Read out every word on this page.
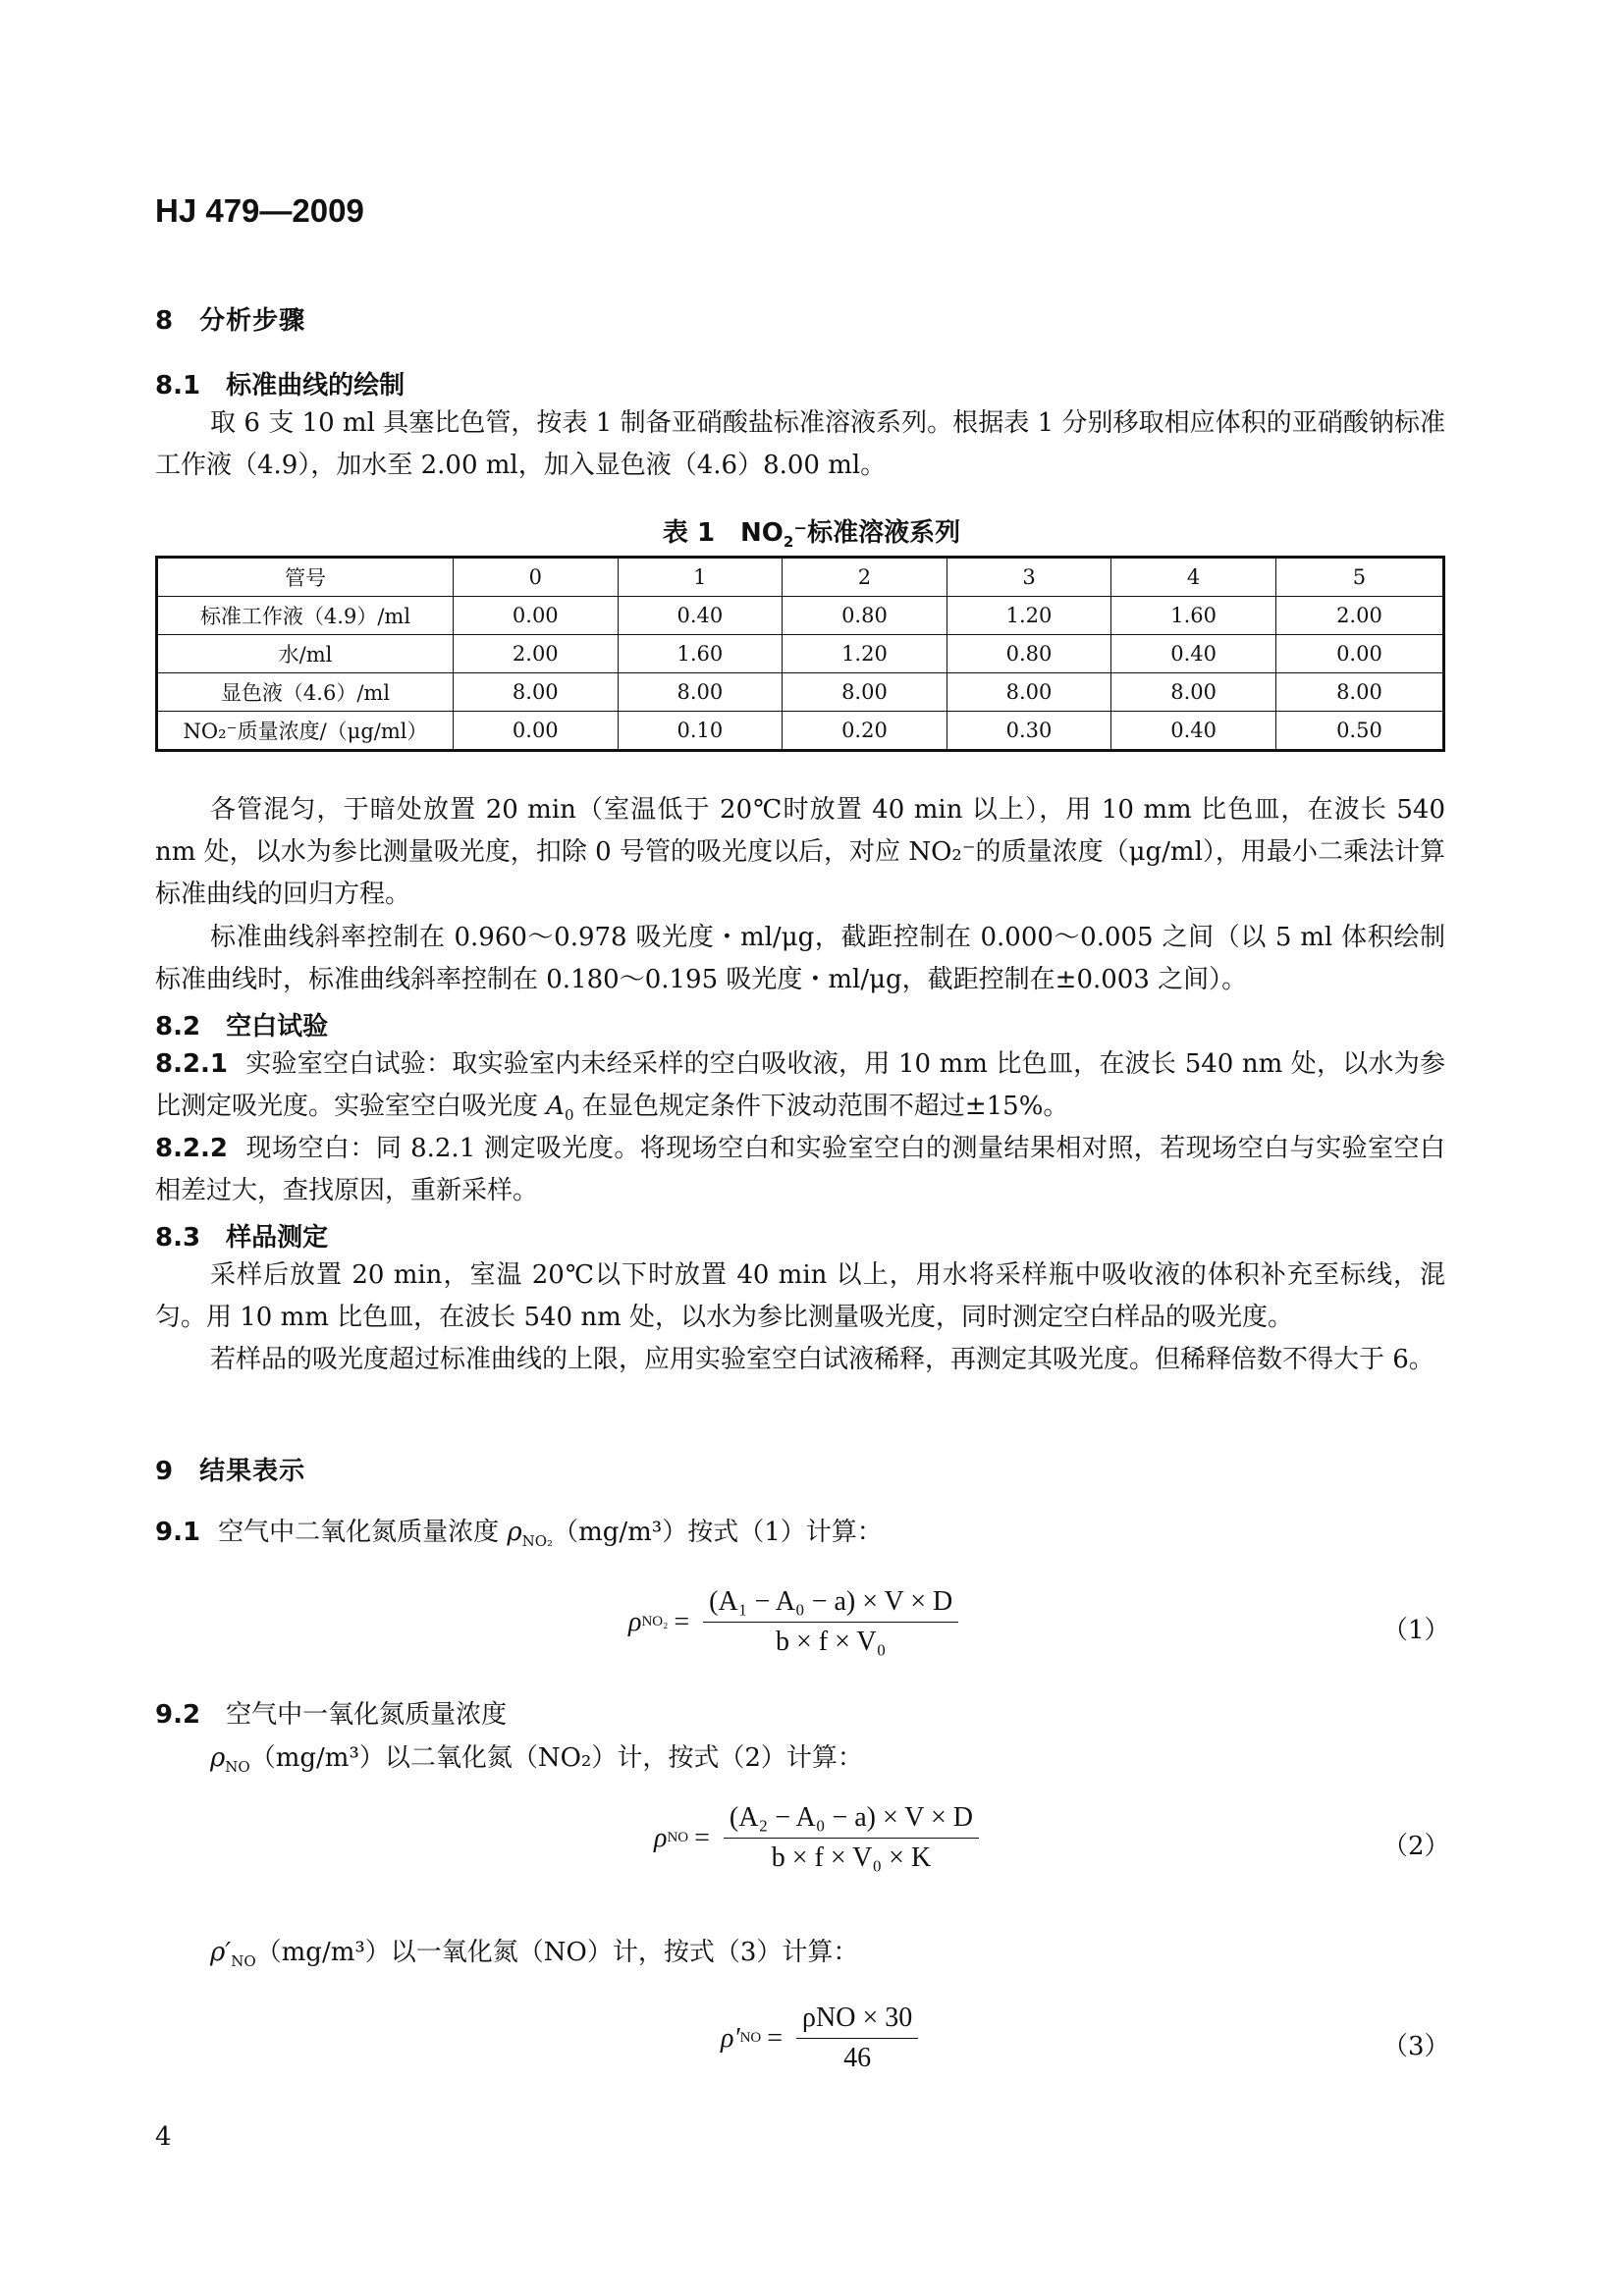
HJ 479—2009
8 分析步骤
8.1 标准曲线的绘制
取 6 支 10 ml 具塞比色管，按表 1 制备亚硝酸盐标准溶液系列。根据表 1 分别移取相应体积的亚硝酸钠标准工作液（4.9），加水至 2.00 ml，加入显色液（4.6）8.00 ml。
表 1　$NO_2^-$标准溶液系列
管号	0	1	2	3	4	5
标准工作液（4.9）/ml	0.00	0.40	0.80	1.20	1.60	2.00
水/ml	2.00	1.60	1.20	0.80	0.40	0.00
显色液（4.6）/ml	8.00	8.00	8.00	8.00	8.00	8.00
NO₂⁻质量浓度/（μg/ml）	0.00	0.10	0.20	0.30	0.40	0.50
各管混匀，于暗处放置 20 min（室温低于 20℃时放置 40 min 以上），用 10 mm 比色皿，在波长 540 nm 处，以水为参比测量吸光度，扣除 0 号管的吸光度以后，对应 NO₂⁻的质量浓度（μg/ml），用最小二乘法计算标准曲线的回归方程。
标准曲线斜率控制在 0.960～0.978 吸光度・ml/μg，截距控制在 0.000～0.005 之间（以 5 ml 体积绘制标准曲线时，标准曲线斜率控制在 0.180～0.195 吸光度・ml/μg，截距控制在±0.003 之间）。
8.2 空白试验
8.2.1 实验室空白试验：取实验室内未经采样的空白吸收液，用 10 mm 比色皿，在波长 540 nm 处，以水为参比测定吸光度。实验室空白吸光度 $A_0$ 在显色规定条件下波动范围不超过±15%。
8.2.2 现场空白：同 8.2.1 测定吸光度。将现场空白和实验室空白的测量结果相对照，若现场空白与实验室空白相差过大，查找原因，重新采样。
8.3 样品测定
采样后放置 20 min，室温 20℃以下时放置 40 min 以上，用水将采样瓶中吸收液的体积补充至标线，混匀。用 10 mm 比色皿，在波长 540 nm 处，以水为参比测量吸光度，同时测定空白样品的吸光度。
若样品的吸光度超过标准曲线的上限，应用实验室空白试液稀释，再测定其吸光度。但稀释倍数不得大于 6。
9 结果表示
9.1 空气中二氧化氮质量浓度 $\rho_{NO_2}(mg/m^3)$按式（1）计算：
ρ $NO_2 = \frac{\text{(A₁ − A₀ − a) × V × D}}{\text{b × f × V₀}}$	（1）
9.2 空气中一氧化氮质量浓度
$\rho_{NO}(mg/m^3)$以二氧化氮（NO₂）计，按式（2）计算：
ρ NO = $\frac{\text{(A₂ − A₀ − a) × V × D}}{\text{b × f × V₀ × K}}$	（2）
$\rho'_{NO}(mg/m^3)$以一氧化氮（NO）计，按式（3）计算：
ρ′ NO = $\frac{\text{ρNO × 30}}{46}$	（3）
4
